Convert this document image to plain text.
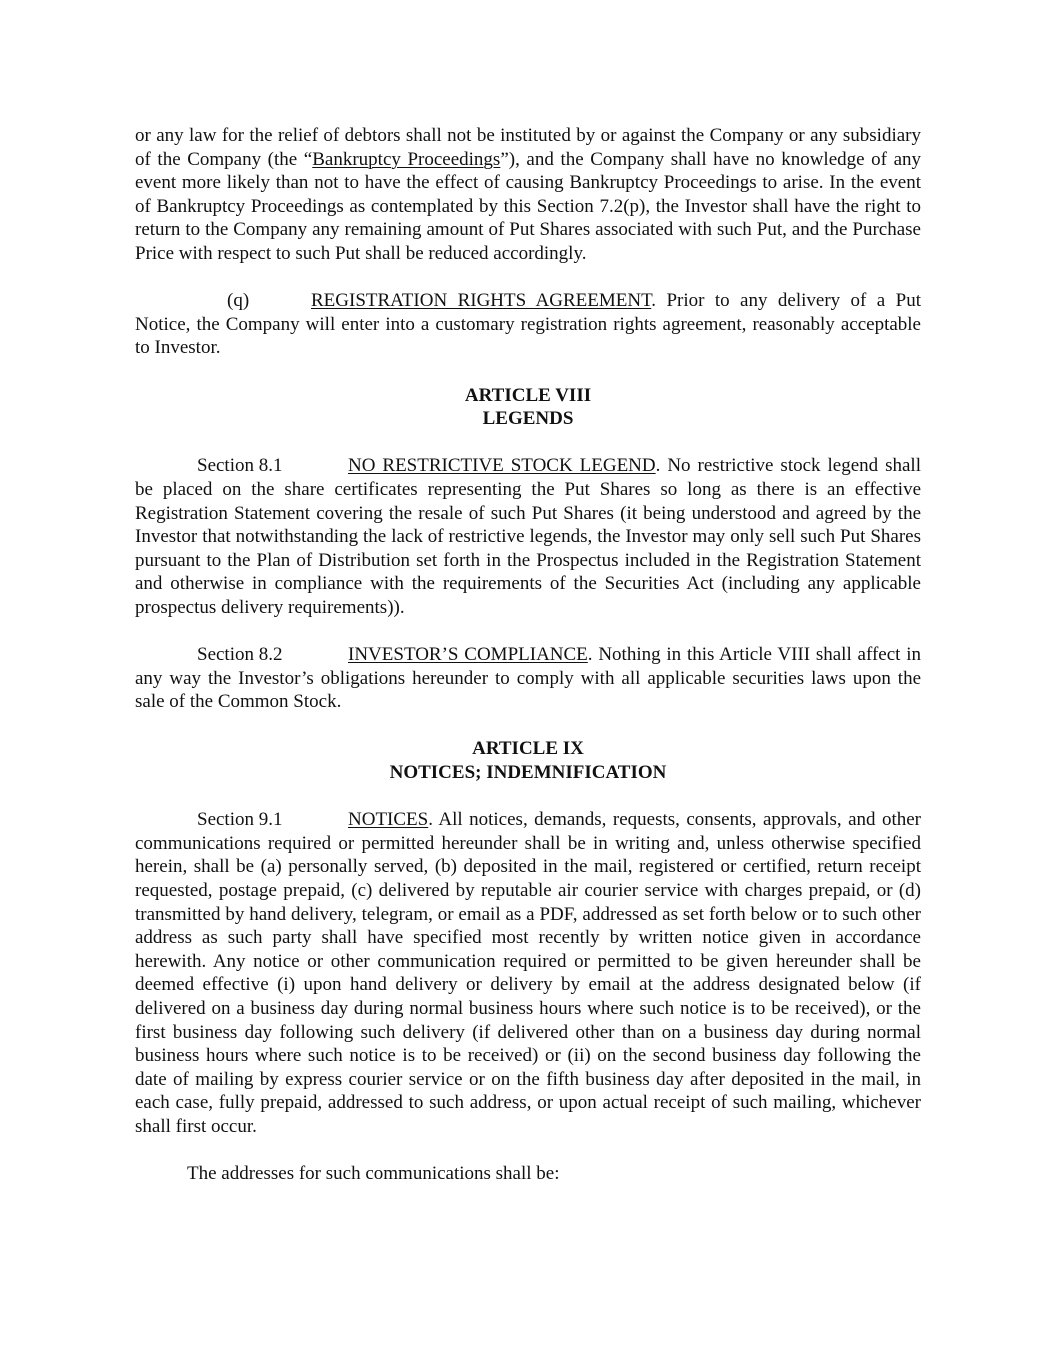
or any law for the relief of debtors shall not be instituted by or against the Company or any subsidiary of the Company (the “Bankruptcy Proceedings”), and the Company shall have no knowledge of any event more likely than not to have the effect of causing Bankruptcy Proceedings to arise. In the event of Bankruptcy Proceedings as contemplated by this Section 7.2(p), the Investor shall have the right to return to the Company any remaining amount of Put Shares associated with such Put, and the Purchase Price with respect to such Put shall be reduced accordingly.

(q)	REGISTRATION RIGHTS AGREEMENT. Prior to any delivery of a Put Notice, the Company will enter into a customary registration rights agreement, reasonably acceptable to Investor.

ARTICLE VIII
LEGENDS

Section 8.1	NO RESTRICTIVE STOCK LEGEND. No restrictive stock legend shall be placed on the share certificates representing the Put Shares so long as there is an effective Registration Statement covering the resale of such Put Shares (it being understood and agreed by the Investor that notwithstanding the lack of restrictive legends, the Investor may only sell such Put Shares pursuant to the Plan of Distribution set forth in the Prospectus included in the Registration Statement and otherwise in compliance with the requirements of the Securities Act (including any applicable prospectus delivery requirements)).

Section 8.2	INVESTOR’S COMPLIANCE. Nothing in this Article VIII shall affect in any way the Investor’s obligations hereunder to comply with all applicable securities laws upon the sale of the Common Stock.

ARTICLE IX
NOTICES; INDEMNIFICATION

Section 9.1	NOTICES. All notices, demands, requests, consents, approvals, and other communications required or permitted hereunder shall be in writing and, unless otherwise specified herein, shall be (a) personally served, (b) deposited in the mail, registered or certified, return receipt requested, postage prepaid, (c) delivered by reputable air courier service with charges prepaid, or (d) transmitted by hand delivery, telegram, or email as a PDF, addressed as set forth below or to such other address as such party shall have specified most recently by written notice given in accordance herewith. Any notice or other communication required or permitted to be given hereunder shall be deemed effective (i) upon hand delivery or delivery by email at the address designated below (if delivered on a business day during normal business hours where such notice is to be received), or the first business day following such delivery (if delivered other than on a business day during normal business hours where such notice is to be received) or (ii) on the second business day following the date of mailing by express courier service or on the fifth business day after deposited in the mail, in each case, fully prepaid, addressed to such address, or upon actual receipt of such mailing, whichever shall first occur.

The addresses for such communications shall be:
